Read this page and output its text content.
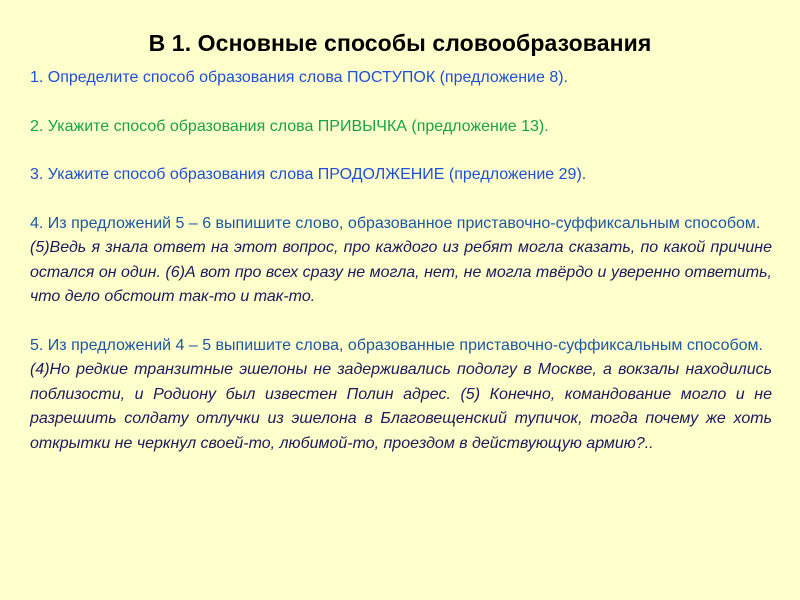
В 1. Основные способы словообразования

1. Определите способ образования слова ПОСТУПОК (предложение 8).

2. Укажите способ образования слова ПРИВЫЧКА (предложение 13).

3. Укажите способ образования слова ПРОДОЛЖЕНИЕ (предложение 29).

4. Из предложений 5 – 6 выпишите слово, образованное приставочно-суффиксальным способом.

(5)Ведь я знала ответ на этот вопрос, про каждого из ребят могла сказать, по какой причине остался он один. (6)А вот про всех сразу не могла, нет, не могла твёрдо и уверенно ответить, что дело обстоит так-то и так-то.

5. Из предложений 4 – 5 выпишите слова, образованные приставочно-суффиксальным способом.

(4)Но редкие транзитные эшелоны не задерживались подолгу в Москве, а вокзалы находились поблизости, и Родиону был известен Полин адрес. (5) Конечно, командование могло и не разрешить солдату отлучки из эшелона в Благовещенский тупичок, тогда почему же хоть открытки не черкнул своей-то, любимой-то, проездом в действующую армию?..
